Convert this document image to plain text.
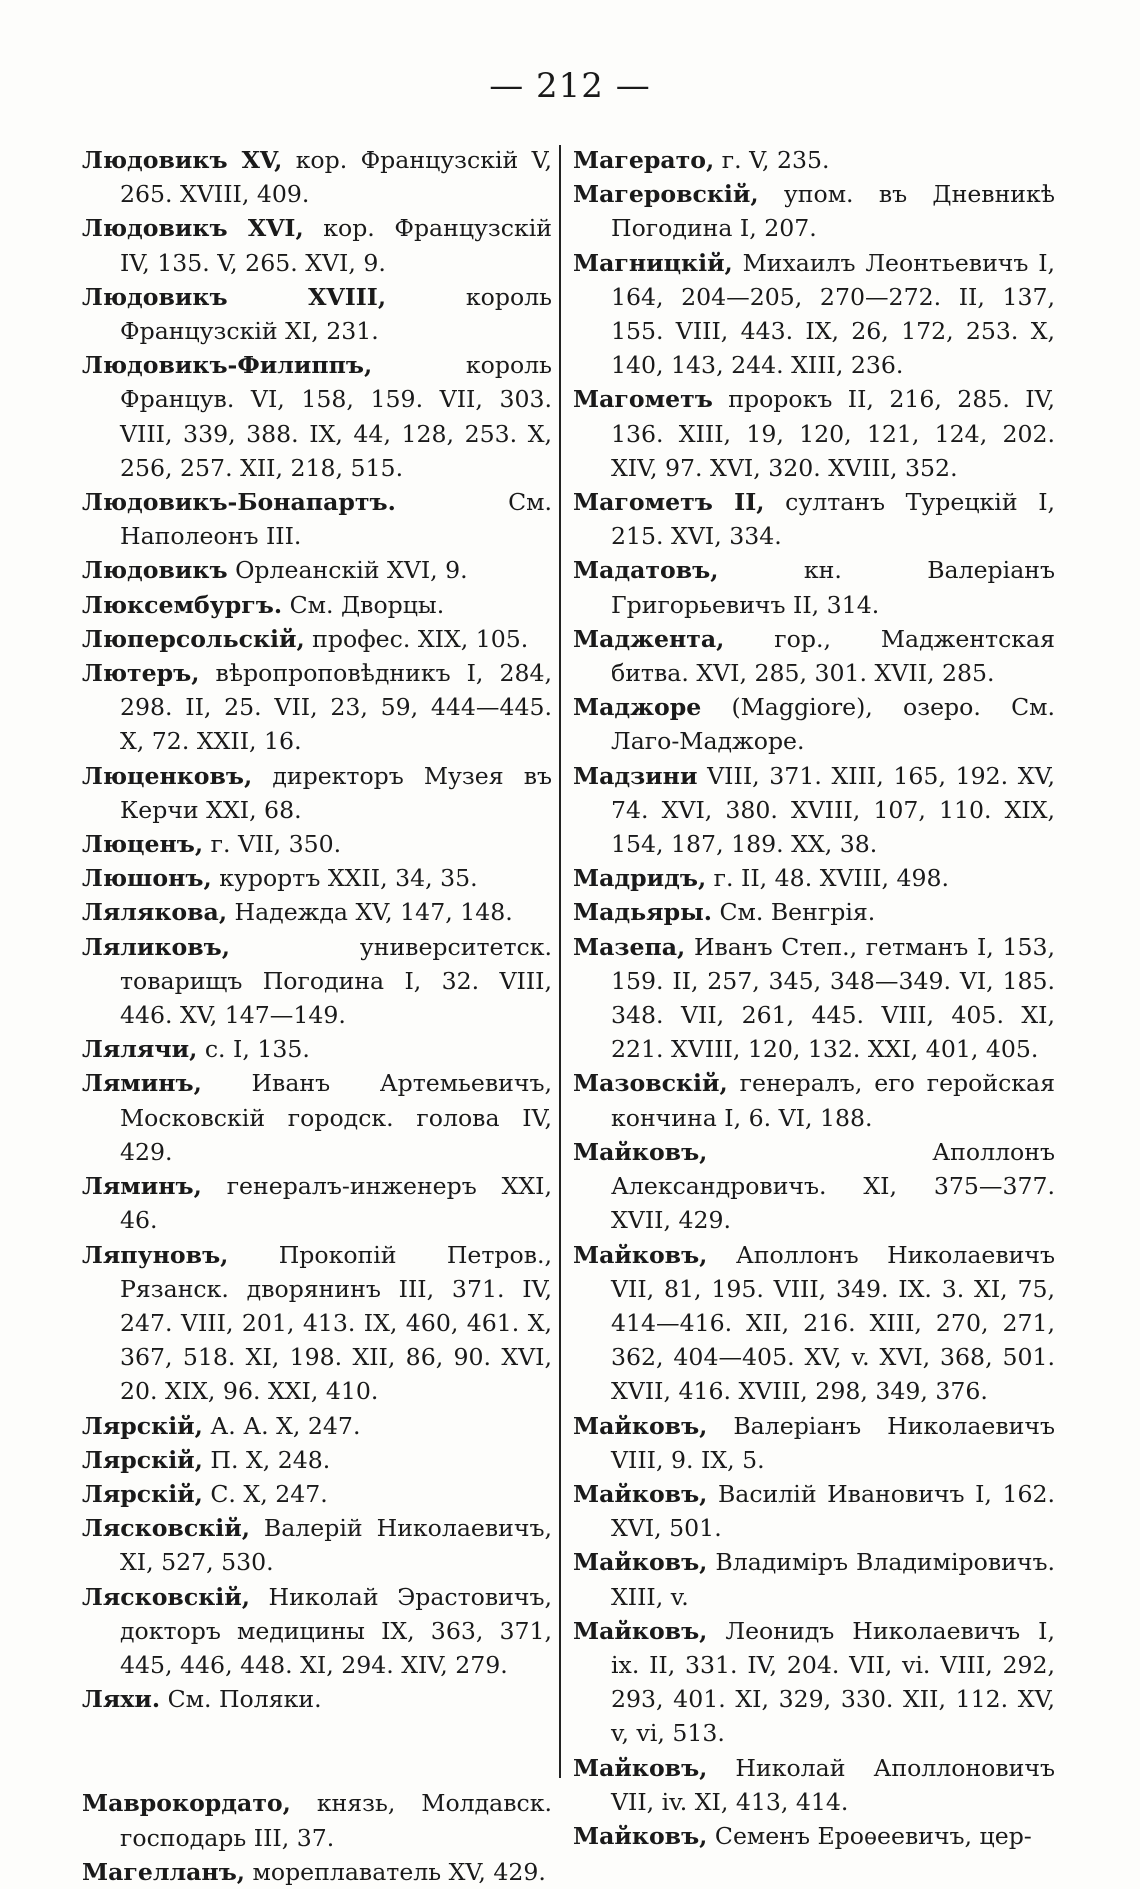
— 212 —
Людовикъ XV, кор. Французскій V, 265. XVIII, 409.
Людовикъ XVI, кор. Французскій IV, 135. V, 265. XVI, 9.
Людовикъ XVIII,	король Французскій XI, 231.
Людовикъ-Филиппъ,	король Францув. VI, 158, 159. VII, 303. VIII, 339, 388. IX, 44, 128, 253. X, 256, 257. XII, 218, 515.
Людовикъ-Бонапартъ.	См. Наполеонъ III.
Людовикъ Орлеанскій XVI, 9.
Люксембургъ. См. Дворцы.
Люперсольскій, профес. XIX, 105.
Лютеръ, вѣропроповѣдникъ I, 284, 298. II, 25. VII, 23, 59, 444—445. X, 72. XXII, 16.
Люценковъ, директоръ Музея въ Керчи XXI, 68.
Люценъ, г. VII, 350.
Люшонъ, курортъ XXII, 34, 35.
Лялякова, Надежда XV, 147, 148.
Ляликовъ,	университетск. товарищъ Погодина I, 32. VIII, 446. XV, 147—149.
Лялячи, с. I, 135.
Ляминъ, Иванъ Артемьевичъ, Московскій городск. голова IV, 429.
Ляминъ, генералъ-инженеръ XXI, 46.
Ляпуновъ, Прокопій Петров., Рязанск. дворянинъ III, 371. IV, 247. VIII, 201, 413. IX, 460, 461. X, 367, 518. XI, 198. XII, 86, 90. XVI, 20. XIX, 96. XXI, 410.
Лярскій, А. А. X, 247.
Лярскій, П. X, 248.
Лярскій, С. X, 247.
Лясковскій, Валерій Николаевичъ, XI, 527, 530.
Лясковскій, Николай Эрастовичъ, докторъ медицины IX, 363, 371, 445, 446, 448. XI, 294. XIV, 279.
Ляхи. См. Поляки.
Маврокордато, князь, Молдавск. господарь III, 37.
Магелланъ, мореплаватель XV, 429.
Магерато, г. V, 235.
Магеровскій, упом. въ Дневникѣ Погодина I, 207.
Магницкій, Михаилъ Леонтьевичъ I, 164, 204—205, 270—272. II, 137, 155. VIII, 443. IX, 26, 172, 253. X, 140, 143, 244. XIII, 236.
Магометъ пророкъ II, 216, 285. IV, 136. XIII, 19, 120, 121, 124, 202. XIV, 97. XVI, 320. XVIII, 352.
Магометъ II, султанъ Турецкій I, 215. XVI, 334.
Мадатовъ,	кн. Валеріанъ Григорьевичъ II, 314.
Маджента, гор., Маджентская битва. XVI, 285, 301. XVII, 285.
Маджоре (Maggiore), озеро. См. Лаго-Маджоре.
Мадзини VIII, 371. XIII, 165, 192. XV, 74. XVI, 380. XVIII, 107, 110. XIX, 154, 187, 189. XX, 38.
Мадридъ, г. II, 48. XVIII, 498.
Мадьяры. См. Венгрія.
Мазепа, Иванъ Степ., гетманъ I, 153, 159. II, 257, 345, 348—349. VI, 185. 348. VII, 261, 445. VIII, 405. XI, 221. XVIII, 120, 132. XXI, 401, 405.
Мазовскій, генералъ, его геройская кончина I, 6. VI, 188.
Майковъ,	Аполлонъ Александровичъ. XI, 375—377. XVII, 429.
Майковъ, Аполлонъ Николаевичъ VII, 81, 195. VIII, 349. IX. 3. XI, 75, 414—416. XII, 216. XIII, 270, 271, 362, 404—405. XV, v. XVI, 368, 501. XVII, 416. XVIII, 298, 349, 376.
Майковъ, Валеріанъ Николаевичъ VIII, 9. IX, 5.
Майковъ, Василій Ивановичъ I, 162. XVI, 501.
Майковъ, Владиміръ Владиміровичъ. XIII, v.
Майковъ, Леонидъ Николаевичъ I, ix. II, 331. IV, 204. VII, vi. VIII, 292, 293, 401. XI, 329, 330. XII, 112. XV, v, vi, 513.
Майковъ, Николай Аполлоновичъ VII, iv. XI, 413, 414.
Майковъ, Семенъ Ероѳеевичъ, цер-
